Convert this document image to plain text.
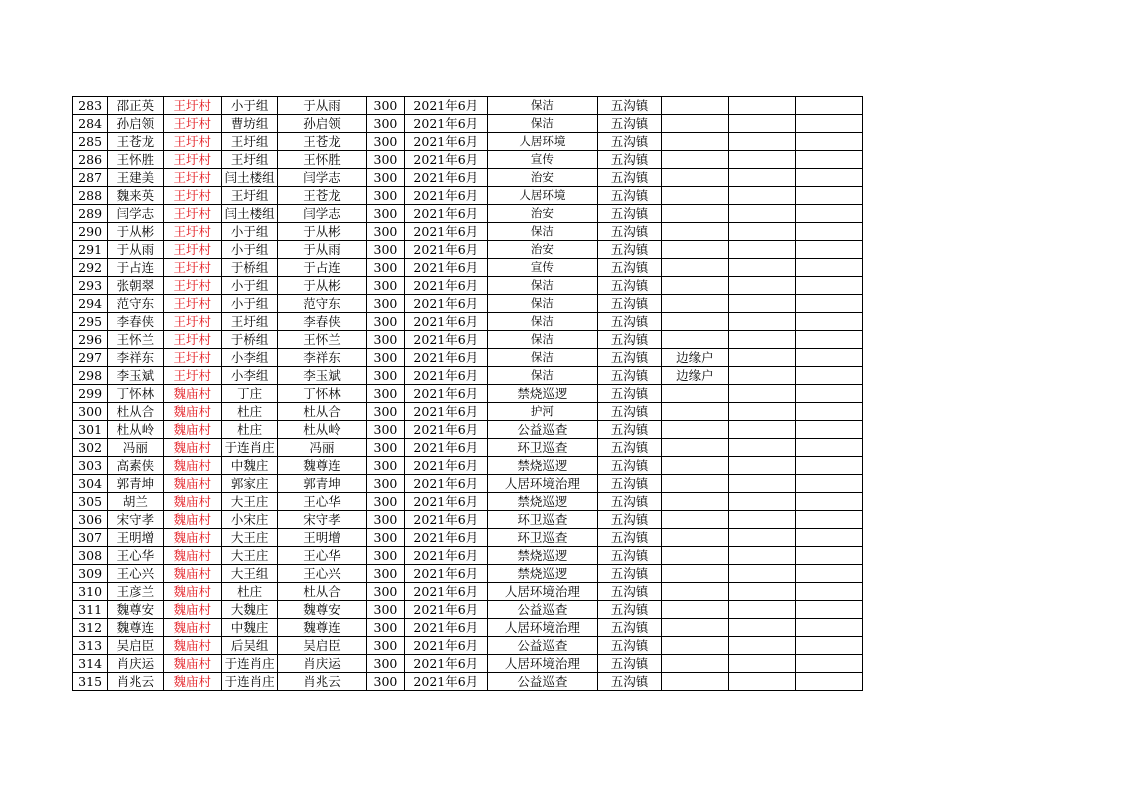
283	邵正英	王圩村	小于组	于从雨	300	2021年6月	保洁	五沟镇			
284	孙启领	王圩村	曹坊组	孙启领	300	2021年6月	保洁	五沟镇			
285	王苍龙	王圩村	王圩组	王苍龙	300	2021年6月	人居环境	五沟镇			
286	王怀胜	王圩村	王圩组	王怀胜	300	2021年6月	宣传	五沟镇			
287	王建美	王圩村	闫土楼组	闫学志	300	2021年6月	治安	五沟镇			
288	魏来英	王圩村	王圩组	王苍龙	300	2021年6月	人居环境	五沟镇			
289	闫学志	王圩村	闫土楼组	闫学志	300	2021年6月	治安	五沟镇			
290	于从彬	王圩村	小于组	于从彬	300	2021年6月	保洁	五沟镇			
291	于从雨	王圩村	小于组	于从雨	300	2021年6月	治安	五沟镇			
292	于占连	王圩村	于桥组	于占连	300	2021年6月	宣传	五沟镇			
293	张朝翠	王圩村	小于组	于从彬	300	2021年6月	保洁	五沟镇			
294	范守东	王圩村	小于组	范守东	300	2021年6月	保洁	五沟镇			
295	李春侠	王圩村	王圩组	李春侠	300	2021年6月	保洁	五沟镇			
296	王怀兰	王圩村	于桥组	王怀兰	300	2021年6月	保洁	五沟镇			
297	李祥东	王圩村	小李组	李祥东	300	2021年6月	保洁	五沟镇	边缘户		
298	李玉斌	王圩村	小李组	李玉斌	300	2021年6月	保洁	五沟镇	边缘户		
299	丁怀林	魏庙村	丁庄	丁怀林	300	2021年6月	禁烧巡逻	五沟镇			
300	杜从合	魏庙村	杜庄	杜从合	300	2021年6月	护河	五沟镇			
301	杜从岭	魏庙村	杜庄	杜从岭	300	2021年6月	公益巡查	五沟镇			
302	冯丽	魏庙村	于连肖庄	冯丽	300	2021年6月	环卫巡查	五沟镇			
303	高素侠	魏庙村	中魏庄	魏尊连	300	2021年6月	禁烧巡逻	五沟镇			
304	郭青坤	魏庙村	郭家庄	郭青坤	300	2021年6月	人居环境治理	五沟镇			
305	胡兰	魏庙村	大王庄	王心华	300	2021年6月	禁烧巡逻	五沟镇			
306	宋守孝	魏庙村	小宋庄	宋守孝	300	2021年6月	环卫巡查	五沟镇			
307	王明增	魏庙村	大王庄	王明增	300	2021年6月	环卫巡查	五沟镇			
308	王心华	魏庙村	大王庄	王心华	300	2021年6月	禁烧巡逻	五沟镇			
309	王心兴	魏庙村	大王组	王心兴	300	2021年6月	禁烧巡逻	五沟镇			
310	王彦兰	魏庙村	杜庄	杜从合	300	2021年6月	人居环境治理	五沟镇			
311	魏尊安	魏庙村	大魏庄	魏尊安	300	2021年6月	公益巡查	五沟镇			
312	魏尊连	魏庙村	中魏庄	魏尊连	300	2021年6月	人居环境治理	五沟镇			
313	吴启臣	魏庙村	后吴组	吴启臣	300	2021年6月	公益巡查	五沟镇			
314	肖庆运	魏庙村	于连肖庄	肖庆运	300	2021年6月	人居环境治理	五沟镇			
315	肖兆云	魏庙村	于连肖庄	肖兆云	300	2021年6月	公益巡查	五沟镇			
